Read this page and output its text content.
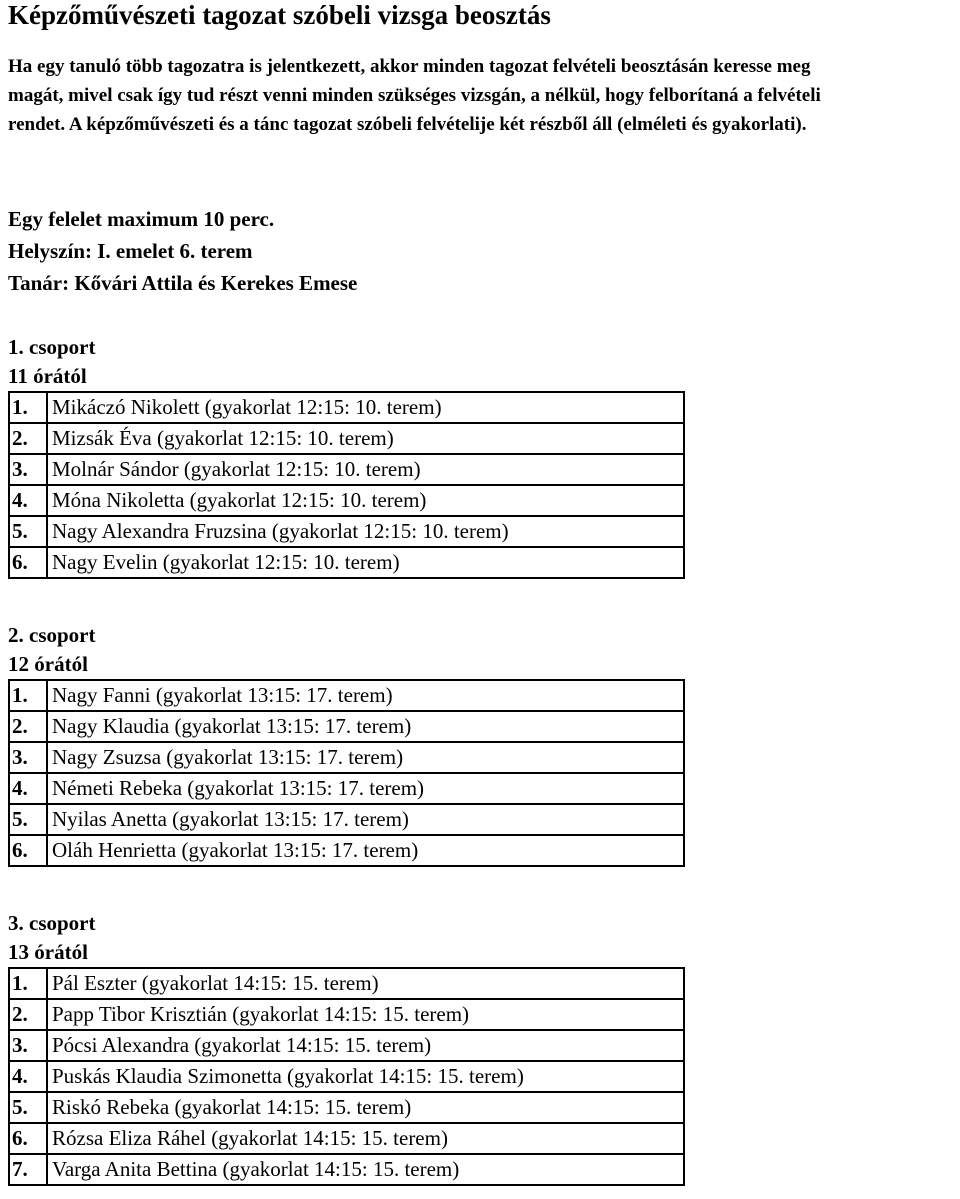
Képzőművészeti tagozat szóbeli vizsga beosztás

Ha egy tanuló több tagozatra is jelentkezett, akkor minden tagozat felvételi beosztásán keresse meg

magát, mivel csak így tud részt venni minden szükséges vizsgán, a nélkül, hogy felborítaná a felvételi

rendet. A képzőművészeti és a tánc tagozat szóbeli felvételije két részből áll (elméleti és gyakorlati).

Egy felelet maximum 10 perc.
Helyszín: I. emelet 6. terem
Tanár: Kővári Attila és Kerekes Emese
1. csoport
11 órától
1.	Mikáczó Nikolett (gyakorlat 12:15: 10. terem)
2.	Mizsák Éva (gyakorlat 12:15: 10. terem)
3.	Molnár Sándor (gyakorlat 12:15: 10. terem)
4.	Móna Nikoletta (gyakorlat 12:15: 10. terem)
5.	Nagy Alexandra Fruzsina (gyakorlat 12:15: 10. terem)
6.	Nagy Evelin (gyakorlat 12:15: 10. terem)
2. csoport
12 órától
1.	Nagy Fanni (gyakorlat 13:15: 17. terem)
2.	Nagy Klaudia (gyakorlat 13:15: 17. terem)
3.	Nagy Zsuzsa (gyakorlat 13:15: 17. terem)
4.	Németi Rebeka (gyakorlat 13:15: 17. terem)
5.	Nyilas Anetta (gyakorlat 13:15: 17. terem)
6.	Oláh Henrietta (gyakorlat 13:15: 17. terem)
3. csoport
13 órától
1.	Pál Eszter (gyakorlat 14:15: 15. terem)
2.	Papp Tibor Krisztián (gyakorlat 14:15: 15. terem)
3.	Pócsi Alexandra (gyakorlat 14:15: 15. terem)
4.	Puskás Klaudia Szimonetta (gyakorlat 14:15: 15. terem)
5.	Riskó Rebeka (gyakorlat 14:15: 15. terem)
6.	Rózsa Eliza Ráhel (gyakorlat 14:15: 15. terem)
7.	Varga Anita Bettina (gyakorlat 14:15: 15. terem)
